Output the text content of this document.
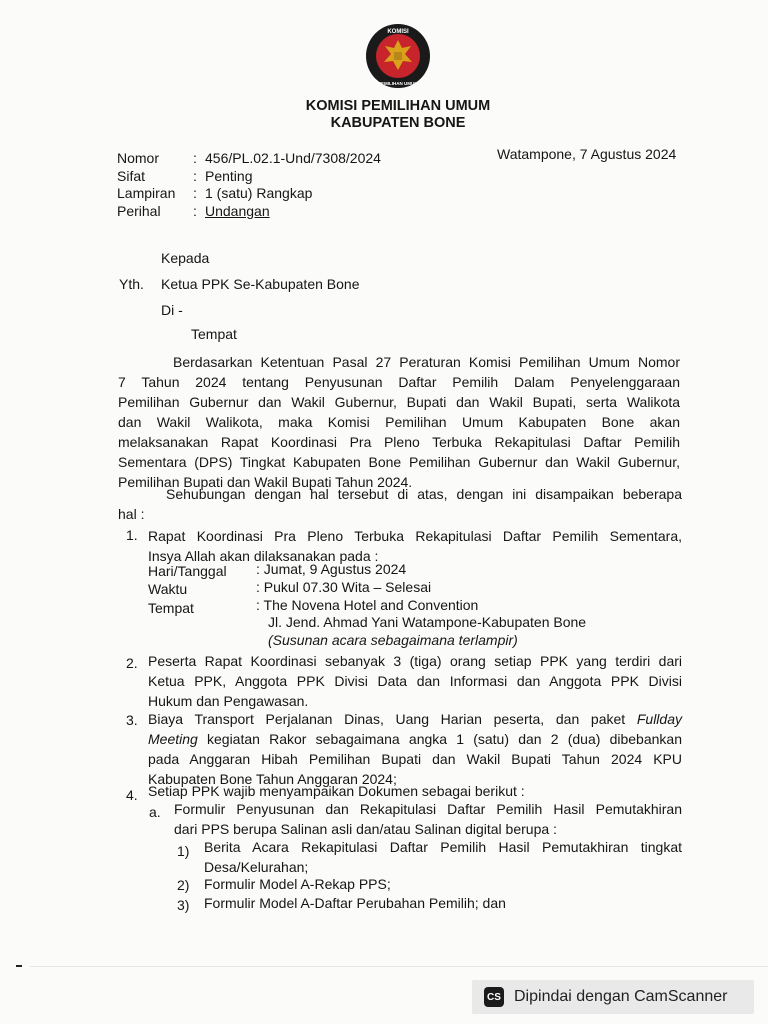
KOMISI
PEMILIHAN UMUM
KOMISI PEMILIHAN UMUM
KABUPATEN BONE
Watampone, 7 Agustus 2024
Nomor	: 456/PL.02.1-Und/7308/2024
Sifat	: Penting
Lampiran	: 1 (satu) Rangkap
Perihal	: Undangan
Kepada
Yth. Ketua PPK Se-Kabupaten Bone
Di -
Tempat
Berdasarkan Ketentuan Pasal 27 Peraturan Komisi Pemilihan Umum Nomor
7 Tahun 2024 tentang Penyusunan Daftar Pemilih Dalam Penyelenggaraan
Pemilihan Gubernur dan Wakil Gubernur, Bupati dan Wakil Bupati, serta Walikota
dan Wakil Walikota, maka Komisi Pemilihan Umum Kabupaten Bone akan
melaksanakan Rapat Koordinasi Pra Pleno Terbuka Rekapitulasi Daftar Pemilih
Sementara (DPS) Tingkat Kabupaten Bone Pemilihan Gubernur dan Wakil Gubernur,
Pemilihan Bupati dan Wakil Bupati Tahun 2024.
Sehubungan dengan hal tersebut di atas, dengan ini disampaikan beberapa
hal :
1. Rapat Koordinasi Pra Pleno Terbuka Rekapitulasi Daftar Pemilih Sementara,
Insya Allah akan dilaksanakan pada :
Hari/Tanggal : Jumat, 9 Agustus 2024
Waktu	: Pukul 07.30 Wita – Selesai
Tempat	: The Novena Hotel and Convention
Jl. Jend. Ahmad Yani Watampone-Kabupaten Bone
(Susunan acara sebagaimana terlampir)
2. Peserta Rapat Koordinasi sebanyak 3 (tiga) orang setiap PPK yang terdiri dari
Ketua PPK, Anggota PPK Divisi Data dan Informasi dan Anggota PPK Divisi
Hukum dan Pengawasan.
3. Biaya Transport Perjalanan Dinas, Uang Harian peserta, dan paket Fullday
Meeting kegiatan Rakor sebagaimana angka 1 (satu) dan 2 (dua) dibebankan
pada Anggaran Hibah Pemilihan Bupati dan Wakil Bupati Tahun 2024 KPU
Kabupaten Bone Tahun Anggaran 2024;
4. Setiap PPK wajib menyampaikan Dokumen sebagai berikut :
a. Formulir Penyusunan dan Rekapitulasi Daftar Pemilih Hasil Pemutakhiran
dari PPS berupa Salinan asli dan/atau Salinan digital berupa :
1) Berita Acara Rekapitulasi Daftar Pemilih Hasil Pemutakhiran tingkat
Desa/Kelurahan;
2) Formulir Model A-Rekap PPS;
3) Formulir Model A-Daftar Perubahan Pemilih; dan
CS Dipindai dengan CamScanner
